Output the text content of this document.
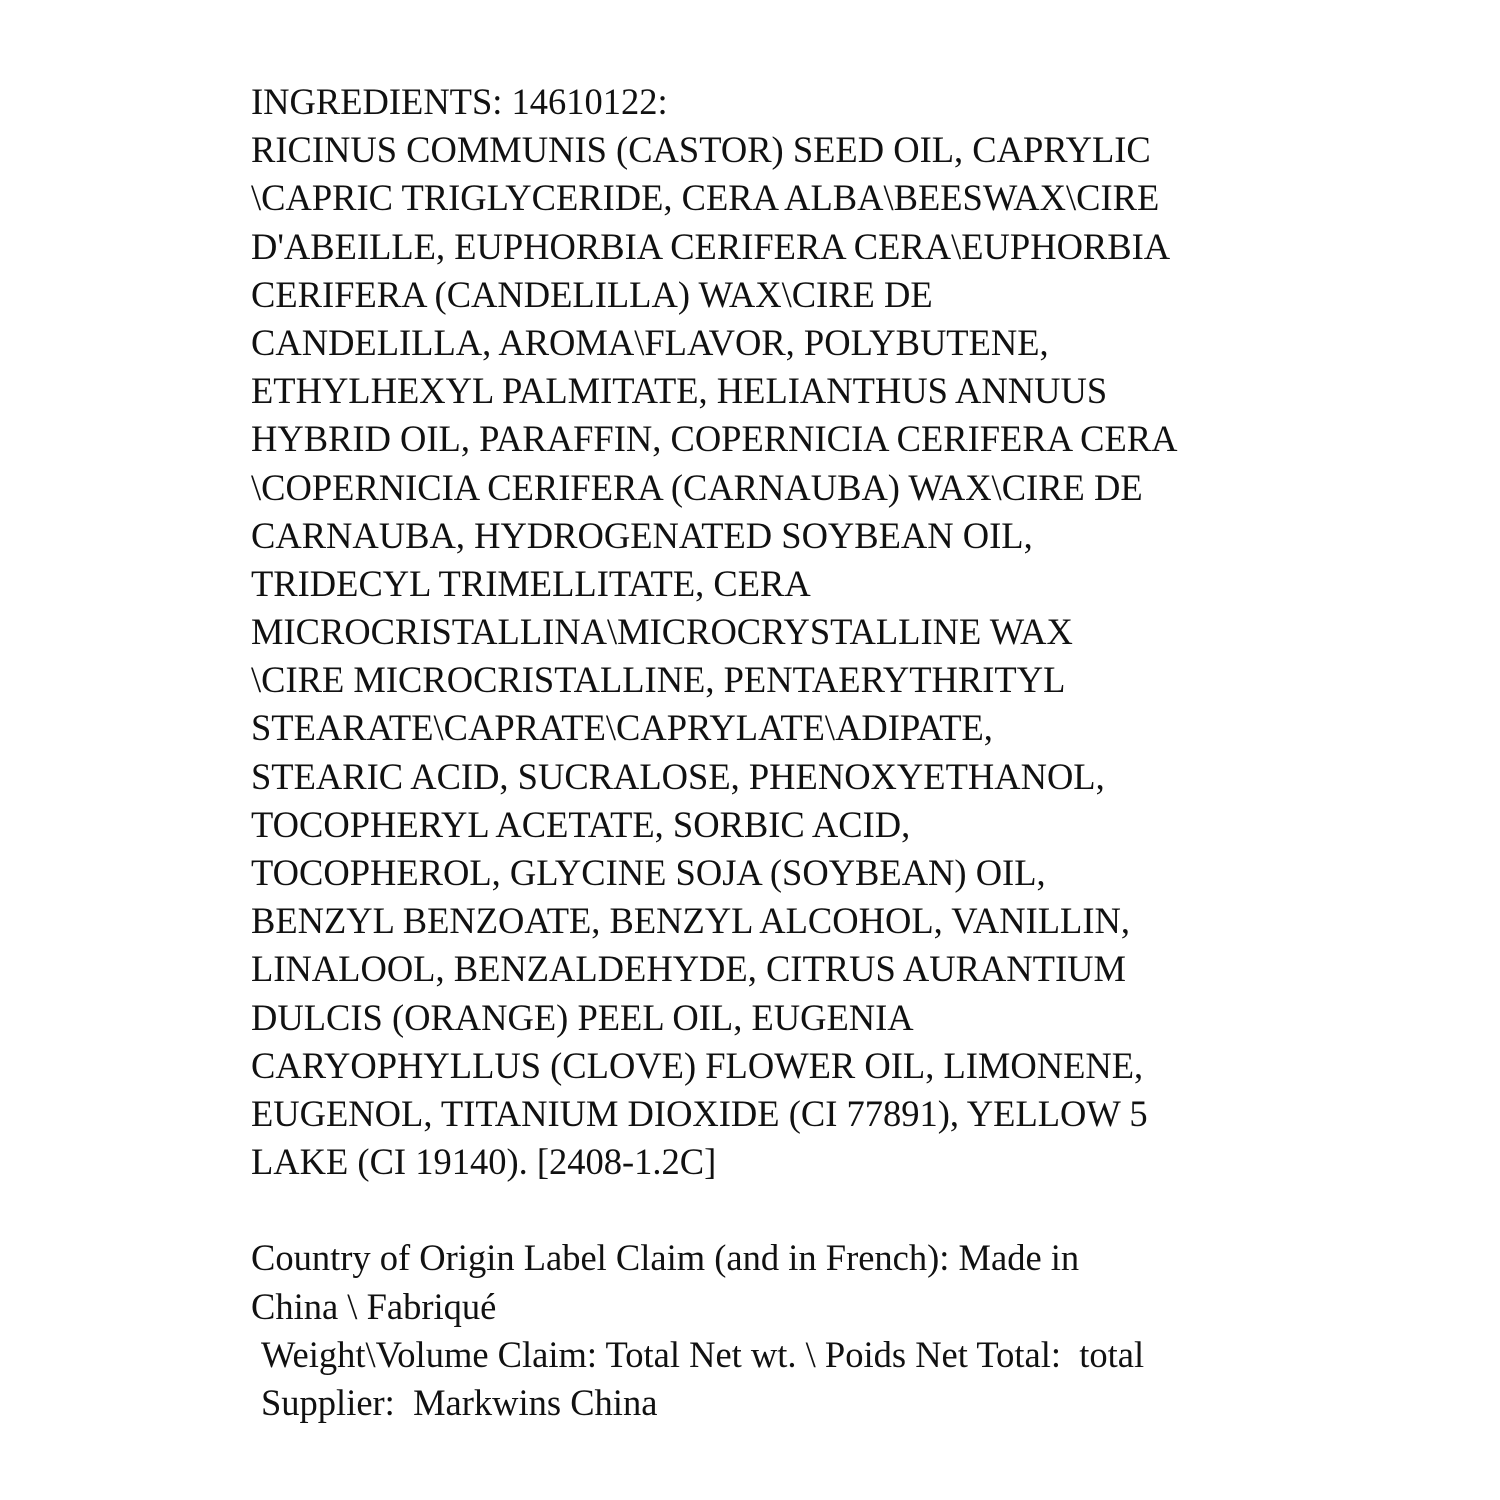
INGREDIENTS: 14610122:
RICINUS COMMUNIS (CASTOR) SEED OIL, CAPRYLIC
\CAPRIC TRIGLYCERIDE, CERA ALBA\BEESWAX\CIRE
D'ABEILLE, EUPHORBIA CERIFERA CERA\EUPHORBIA
CERIFERA (CANDELILLA) WAX\CIRE DE
CANDELILLA, AROMA\FLAVOR, POLYBUTENE,
ETHYLHEXYL PALMITATE, HELIANTHUS ANNUUS
HYBRID OIL, PARAFFIN, COPERNICIA CERIFERA CERA
\COPERNICIA CERIFERA (CARNAUBA) WAX\CIRE DE
CARNAUBA, HYDROGENATED SOYBEAN OIL,
TRIDECYL TRIMELLITATE, CERA
MICROCRISTALLINA\MICROCRYSTALLINE WAX
\CIRE MICROCRISTALLINE, PENTAERYTHRITYL
STEARATE\CAPRATE\CAPRYLATE\ADIPATE,
STEARIC ACID, SUCRALOSE, PHENOXYETHANOL,
TOCOPHERYL ACETATE, SORBIC ACID,
TOCOPHEROL, GLYCINE SOJA (SOYBEAN) OIL,
BENZYL BENZOATE, BENZYL ALCOHOL, VANILLIN,
LINALOOL, BENZALDEHYDE, CITRUS AURANTIUM
DULCIS (ORANGE) PEEL OIL, EUGENIA
CARYOPHYLLUS (CLOVE) FLOWER OIL, LIMONENE,
EUGENOL, TITANIUM DIOXIDE (CI 77891), YELLOW 5
LAKE (CI 19140). [2408-1.2C]
Country of Origin Label Claim (and in French): Made in
China \ Fabriqué
Weight\Volume Claim: Total Net wt. \ Poids Net Total:  total
Supplier:  Markwins China
